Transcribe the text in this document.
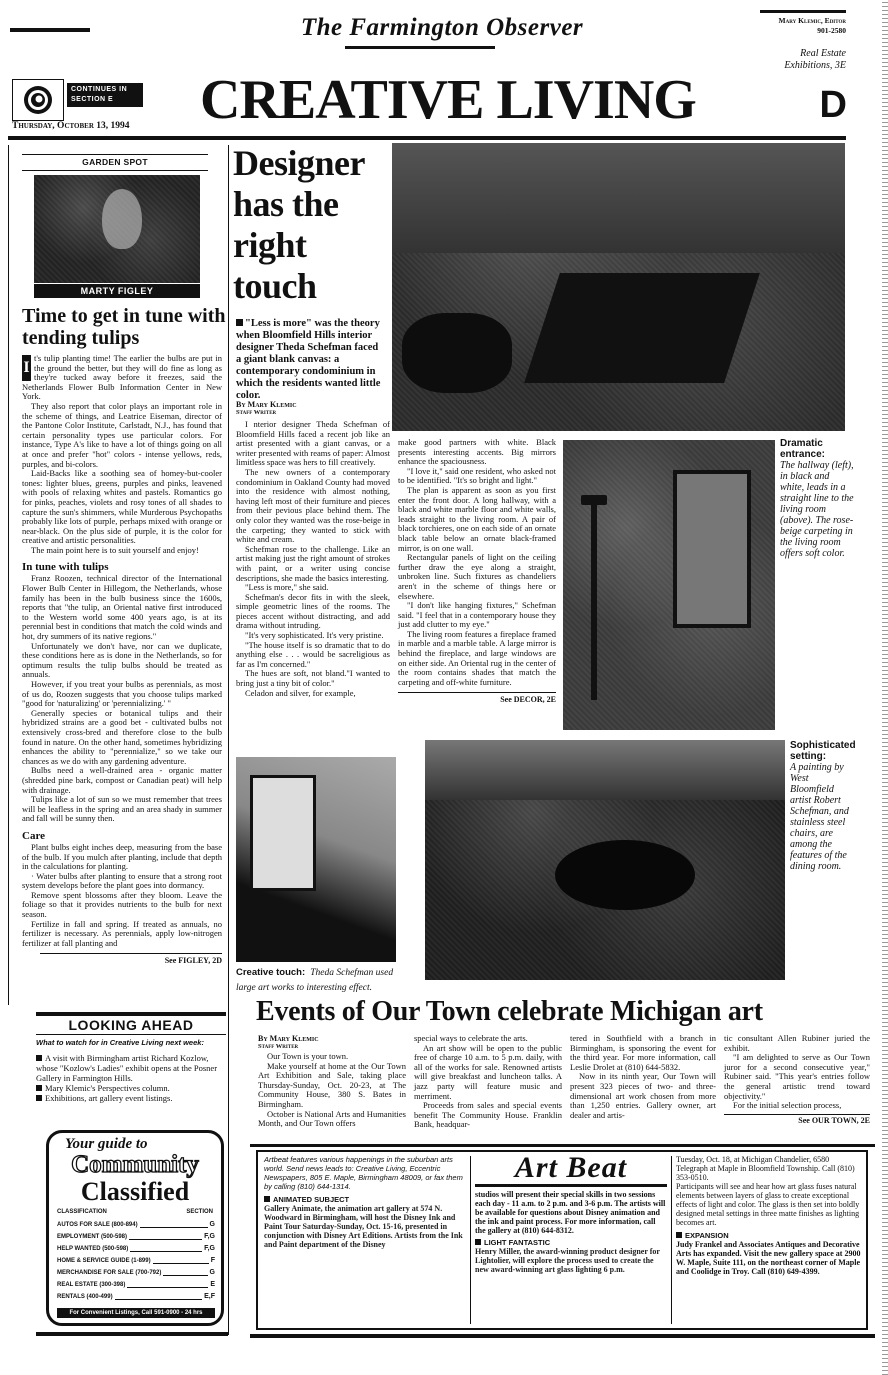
The Farmington Observer	Mary Klemic, Editor
901-2580
Real Estate Exhibitions, 3E
CONTINUES IN SECTION E
Thursday, October 13, 1994	CREATIVE LIVING	D
GARDEN SPOT
MARTY FIGLEY
Time to get in tune with tending tulips

I
t's tulip planting time! The earlier the bulbs are put in the ground the better, but they will do fine as long as they're tucked away before it freezes, said the Netherlands Flower Bulb Information Center in New York.

They also report that color plays an important role in the scheme of things, and Leatrice Eiseman, director of the Pantone Color Institute, Carlstadt, N.J., has found that certain personality types use particular colors. For instance, Type A's like to have a lot of things going on all at once and prefer "hot" colors - intense yellows, reds, purples, and bi-colors.

Laid-Backs like a soothing sea of homey-but-cooler tones: lighter blues, greens, purples and pinks, leavened with pools of relaxing whites and pastels. Romantics go for pinks, peaches, violets and rosy tones of all shades to capture the sun's shimmers, while Murderous Psychopaths probably like lots of purple, perhaps mixed with orange or near-black. On the plus side of purple, it is the color for creative and artistic personalities.

The main point here is to suit yourself and enjoy!

In tune with tulips

Franz Roozen, technical director of the International Flower Bulb Center in Hillegom, the Netherlands, whose family has been in the bulb business since the 1600s, reports that "the tulip, an Oriental native first introduced to the Western world some 400 years ago, is at its perennial best in conditions that match the cold winds and hot, dry summers of its native regions."

Unfortunately we don't have, nor can we duplicate, these conditions here as is done in the Netherlands, so for optimum results the tulip bulbs should be treated as annuals.

However, if you treat your bulbs as perennials, as most of us do, Roozen suggests that you choose tulips marked "good for 'naturalizing' or 'perennializing.' "

Generally species or botanical tulips and their hybridized strains are a good bet - cultivated bulbs not extensively cross-bred and therefore close to the bulb found in nature. On the other hand, sometimes hybridizing enhances the ability to "perennialize," so we take our chances as we do with any gardening adventure.

Bulbs need a well-drained area - organic matter (shredded pine bark, compost or Canadian peat) will help with drainage.

Tulips like a lot of sun so we must remember that trees will be leafless in the spring and an area shady in summer and fall will be sunny then.

Care

Plant bulbs eight inches deep, measuring from the base of the bulb. If you mulch after planting, include that depth in the calculations for planting.

· Water bulbs after planting to ensure that a strong root system develops before the plant goes into dormancy.

Remove spent blossoms after they bloom. Leave the foliage so that it provides nutrients to the bulb for next season.

Fertilize in fall and spring. If treated as annuals, no fertilizer is necessary. As perennials, apply low-nitrogen fertilizer at fall planting and

See FIGLEY, 2D
LOOKING AHEAD
What to watch for in Creative Living next week:
A visit with Birmingham artist Richard Kozlow, whose "Kozlow's Ladies" exhibit opens at the Posner Gallery in Farmington Hills.
Mary Klemic's Perspectives column.
Exhibitions, art gallery event listings.
Your guide to
Community
Classified
CLASSIFICATION	SECTION
AUTOS FOR SALE (800-894)	G
EMPLOYMENT (500-598)	F,G
HELP WANTED (500-598)	F,G
HOME & SERVICE GUIDE (1-899)	F
MERCHANDISE FOR SALE (700-792)	G
REAL ESTATE (300-398)	E
RENTALS (400-499)	E,F
For Convenient Listings, Call 591-0900 - 24 hrs
Designer has the right touch
"Less is more" was the theory when Bloomfield Hills interior designer Theda Schefman faced a giant blank canvas: a contemporary condominium in which the residents wanted little color.
By Mary Klemic
Staff Writer

I nterior designer Theda Schefman of Bloomfield Hills faced a recent job like an artist presented with a giant canvas, or a writer presented with reams of paper: Almost limitless space was hers to fill creatively.

The new owners of a contemporary condominium in Oakland County had moved into the residence with almost nothing, having left most of their furniture and pieces from their pevious place behind them. The only color they wanted was the rose-beige in the carpeting; they wanted to stick with white and cream.

Schefman rose to the challenge. Like an artist making just the right amount of strokes with paint, or a writer using concise descriptions, she made the basics interesting.

"Less is more," she said.

Schefman's decor fits in with the sleek, simple geometric lines of the rooms. The pieces accent without distracting, and add drama without intruding.

"It's very sophisticated. It's very pristine.

"The house itself is so dramatic that to do anything else . . . would be sacreligious as far as I'm concerned."

The hues are soft, not bland."I wanted to bring just a tiny bit of color."

Celadon and silver, for example,

make good partners with white. Black presents interesting accents. Big mirrors enhance the spaciousness.

"I love it," said one resident, who asked not to be identified. "It's so bright and light."

The plan is apparent as soon as you first enter the front door. A long hallway, with a black and white marble floor and white walls, leads straight to the living room. A pair of black torchieres, one on each side of an ornate black table below an ornate black-framed mirror, is on one wall.

Rectangular panels of light on the ceiling further draw the eye along a straight, unbroken line. Such fixtures as chandeliers aren't in the scheme of things here or elsewhere.

"I don't like hanging fixtures," Schefman said. "I feel that in a contemporary house they just add clutter to my eye."

The living room features a fireplace framed in marble and a marble table. A large mirror is behind the fireplace, and large windows are on either side. An Oriental rug in the center of the room contains shades that match the carpeting and off-white furniture.

See DECOR, 2E
Dramatic entrance:
The hallway (left), in black and white, leads in a straight line to the living room (above). The rose-beige carpeting in the living room offers soft color.
Creative touch: Theda Schefman used large art works to interesting effect.
Sophisticated setting:
A painting by West Bloomfield artist Robert Schefman, and stainless steel chairs, are among the features of the dining room.
Events of Our Town celebrate Michigan art
By Mary Klemic
Staff Writer

Our Town is your town.

Make yourself at home at the Our Town Art Exhibition and Sale, taking place Thursday-Sunday, Oct. 20-23, at The Community House, 380 S. Bates in Birmingham.

October is National Arts and Humanities Month, and Our Town offers

special ways to celebrate the arts.

An art show will be open to the public free of charge 10 a.m. to 5 p.m. daily, with all of the works for sale. Renowned artists will give breakfast and luncheon talks. A jazz party will feature music and merriment.

Proceeds from sales and special events benefit The Community House. Franklin Bank, headquar-

tered in Southfield with a branch in Birmingham, is sponsoring the event for the third year. For more information, call Leslie Drolet at (810) 644-5832.

Now in its ninth year, Our Town will present 323 pieces of two- and three-dimensional art work chosen from more than 1,250 entries. Gallery owner, art dealer and artis-

tic consultant Allen Rubiner juried the exhibit.

"I am delighted to serve as Our Town juror for a second consecutive year," Rubiner said. "This year's entries follow the general artistic trend toward objectivity."

For the initial selection process,

See OUR TOWN, 2E
Artbeat features various happenings in the suburban arts world. Send news leads to: Creative Living, Eccentric Newspapers, 805 E. Maple, Birmingham 48009, or fax them by calling (810) 644-1314.
ANIMATED SUBJECT
Gallery Animate, the animation art gallery at 574 N. Woodward in Birmingham, will host the Disney Ink and Paint Tour Saturday-Sunday, Oct. 15-16, presented in conjunction with Disney Art Editions. Artists from the Ink and Paint department of the Disney
Art Beat
studios will present their special skills in two sessions each day - 11 a.m. to 2 p.m. and 3-6 p.m. The artists will be available for questions about Disney animation and the ink and paint process. For more information, call the gallery at (810) 644-8312.
LIGHT FANTASTIC
Henry Miller, the award-winning product designer for Lightolier, will explore the process used to create the new award-winning art glass lighting 6 p.m.
Tuesday, Oct. 18, at Michigan Chandelier, 6580 Telegraph at Maple in Bloomfield Township. Call (810) 353-0510.
Participants will see and hear how art glass fuses natural elements between layers of glass to create exceptional effects of light and color. The glass is then set into boldly designed metal settings in three matte finishes as lighting becomes art.
EXPANSION
Judy Frankel and Associates Antiques and Decorative Arts has expanded. Visit the new gallery space at 2900 W. Maple, Suite 111, on the northeast corner of Maple and Coolidge in Troy. Call (810) 649-4399.
